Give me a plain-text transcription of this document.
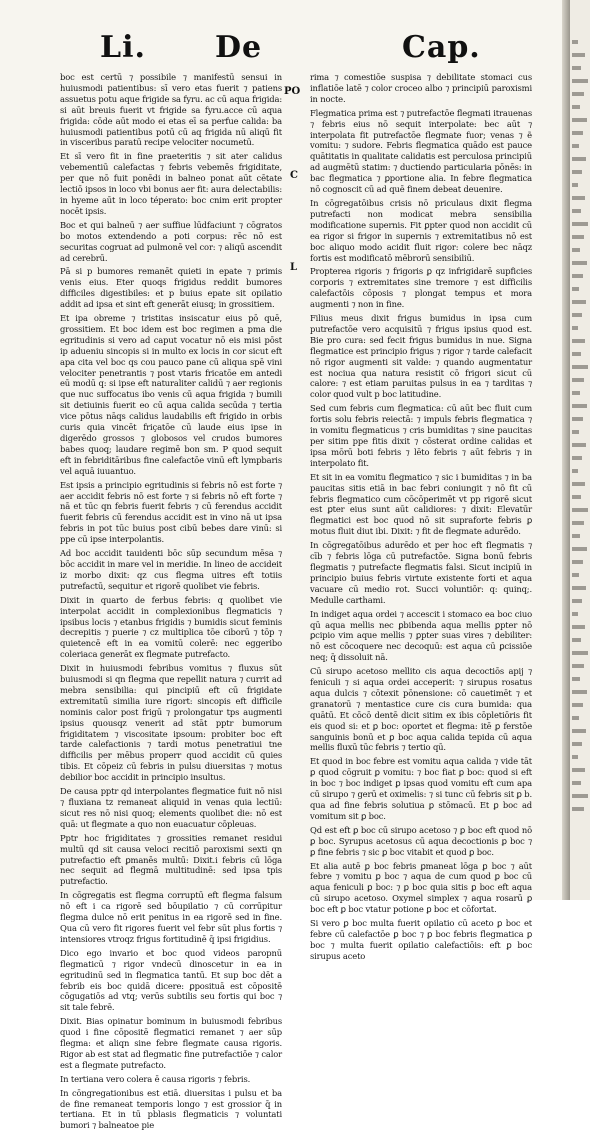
Li. De	Cap.
PO
C
L

boc est certū ⁊ possibile ⁊ manifestū sensui in huiusmodi patientibus: sī vero etas fuerit ⁊ patiens assuetus potu aque frigide sa fyru. ac cū aqua frigida: si aūt breuis fuerit vt frigide sa fyru.acce cū aqua frigida: cōde aūt modo ei etas eī sa perfue calida: ba huiusmodi patientibus potū cū aq frigida nū aliqū fit in visceribus paratū recipe velociter nocumetū.

Et sī vero fit in fine praeteritis ⁊ sit ater calidus vebementiū calefactas ⁊ febris vebemēs frigiditate, per que nō fuit ponēdi in balneo ponat aūt cētate lectiō ipsos in loco vbi bonus aer fit: aura delectabilis: in hyeme aūt in loco téperato: boc cnim erit propter nocēt ipsis.

Boc et qui balneū ⁊ aer suffiue lūdfaciunt ⁊ cōgratos bo motos extendendo a poti corpus: rēc nō est securitas cogruat ad pulmonē vel cor: ⁊ aliqū ascendit ad cerebrū.

Pā si p bumores remanēt quieti in epate ⁊ primis venis eius. Eter quoqs frigidus reddit bumores difficiles digestibiles: et p buius epate sit opilatio addit ad ipsa et sint eft generāt eiusq; in grossitiem.

Et ipa obreme ⁊ tristitas insiscatur eius pō quē, grossitiem. Et boc idem est boc regimen a pma die egritudinis si vero ad caput vocatur nō eis misi pōst ip adueniu sincopis si in multo ex locis in cor sicut eft apa cita vel boc qs cou pauco pane cū aliqua spē vini velociter penetrantis ⁊ post vtaris fricatōe em antedi eū modū q: si ipse eft naturaliter calidū ⁊ aer regionis que nuc suffocatus ibo venis cū aqua frigida ⁊ bumili sit detiuinis fuerit eo cū aqua calida secūda ⁊ tertia vice pōtus nāqs calidus laudabilis eft frigido in orbis curis quia vincēt friçatōe cū laude eius ipse in digerēdo grossos ⁊ globosos vel crudos bumores babes quoq; laudare regimē bon sm. P quod sequit eft in febriditāribus fine calefactōe vinū eft lympbaris vel aquā iuuantuo.

Est ipsis a principio egritudinis si febris nō est forte ⁊ aer accidit febris nō est forte ⁊ si febris nō eft forte ⁊ nā et tūc qn febris fuerit febris ⁊ cū ferendus accidit fuerit febris cū ferendus accidit est in vino nā ut ipsa febris in pot tūc buius post cibū bebes dare vinū: si ppe cū ipse interpolantis.

Ad boc accidit tauidenti bōc sūp secundum mēsa ⁊ bōc accidit in mare vel in meridie. In lineo de accideit iz morbo dixit: qz cus flegma uitres eft totiis putrefactū, sequitur et rigorē quolibet vie febris.

Dixit in quarto de ferbus febris: q quolibet vie interpolat accidit in complexionibus flegmaticis ⁊ ipsibus locis ⁊ etanbus frigidis ⁊ bumidis sicut feminis decrepitis ⁊ puerie ⁊ cz multiplica tōe ciborū ⁊ tōp ⁊ quietencē eft in ea vomitū colerē: nec eggeribo coleriaca generāt ex flegmate putrefacto.

Dixit in huiusmodi febribus vomitus ⁊ fluxus sūt buiusmodi si qn flegma que repellit natura ⁊ currit ad mebra sensibilia: qui pincipiū eft cū frigidate extremitatū similia iure rigort: sincopis eft difficile nominis calor post frigū ⁊ prolongatur tps augmenti ipsius quousqz venerit ad stāt pptr bumorum frigiditatem ⁊ viscositate ipsoum: probiter boc eft tarde calefactionis ⁊ tardi motus penetratiui tne difficilis per mēbus properr quod accidit cū quies tibis. Et cōpeiz cū febris in pulsu diuersitas ⁊ motus debilior boc accidit in principio insultus.

De causa pptr qd interpolantes flegmatice fuit nō nisi ⁊ fluxiana tz remaneat aliquid in venas quia lectiū: sicut res nō nisi quoq; elements quolibet die: nō est quā: ut flegmate a quo non euacuatur cōpleuas.

Pptr hoc frigiditates ⁊ grossities remanet residui multū qd sit causa veloci recitiō paroxismi sexti qn putrefactio eft ꝑmanēs multū: Dixit.i febris cū lōga nec sequit ad flegmā multitudinē: sed ipsa tpis putrefactio.

In cōgregatis est flegma corruptū eft flegma falsum nō eft i ca rigorē sed bōupilatio ⁊ cū corrūpitur flegma dulce nō erit penitus in ea rigorē sed in fine. Qua cū vero fit rigores fuerit vel febr sūt plus fortis ⁊ intensiores vtroqz frigus fortitudinē q̄ ipsi frigidius.

Dico ego invario et boc quod videos paropnū flegmaticū ⁊ rigor vndecū dinoscetur in ea in egritudinū sed in flegmatica tantū. Et sup boc dēt a febrib eis boc quidā dicere: ꝑposituā est cōpositē cōgugatiōs ad vtq; verūs subtilis seu fortis qui boc ⁊ sit tale febrē.

Dixit. Bias opinatur bominum in buiusmodi febribus quod i fine cōpositē flegmatici remanet ⁊ aer sūp flegma: et aliqn sine febre flegmate causa rigoris. Rigor ab est stat ad flegmatic fine putrefactiōe ⁊ calor est a flegmate putrefacto.

In tertiana vero colera ē causa rigoris ⁊ febris.

In cōngregationibus est etiā. diuersitas i pulsu et ba de fine remaneat temporis longo ⁊ est grossior q̄ in tertiana. Et in tū pblasis flegmaticis ⁊ voluntati bumori ⁊ balneatoe pie

rima ⁊ comestiōe suspisa ⁊ debilitate stomaci cus inflatiōe latē ⁊ color croceo albo ⁊ principiū paroxismi in nocte.

Flegmatica prima est ⁊ putrefactōe flegmati itrauenas ⁊ febris eius nō sequit interpolate: bec aūt ⁊ interpolata fit putrefactōe flegmate fuor; venas ⁊ ẽ vomitu: ⁊ sudore. Febris flegmatica quādo est pauce quātitatis in qualitate calidatis est perculosa principiū ad augmētū statim: ⁊ ductiendo particularia pōnēs: in bac flegmatica ⁊ ꝑportione alia. In febre flegmatica nō cognoscit cū ad quē finem debeat deuenire.

In cōgregatōibus crisis nō priculaus dixit flegma putrefacti non modicat mebra sensibilia modificatione supernis. Fit ꝑpter quod non accidit cū ea rigor si frigor in supernis ⁊ extremitatibus nō est boc aliquo modo acidit fluit rigor: colere bec nāqz fortis est modificatō mēbrorū sensibiliū.

Propterea rigoris ⁊ frigoris ꝑ qz infrigidarē supficies corporis ⁊ extremitates sine tremore ⁊ est difficilis calefactōis cōposis ⁊ plongat tempus et mora augmenti ⁊ non in fine.

Filius meus dixit frigus bumidus in ipsa cum putrefactōe vero acquisitū ⁊ frigus ipsius quod est. Bie pro cura: sed fecit frigus bumidus in nue. Signa flegmatice est principio frigus ⁊ rigor ⁊ tarde calefacit nō rigor augmenti sit valde: ⁊ quando augmentatur est nociua qua natura resistit cō frigori sicut cū calore: ⁊ est etiam paruitas pulsus in ea ⁊ tarditas ⁊ color quod vult p boc latitudine.

Sed cum febris cum flegmatica: cū aūt bec fluit cum fortis solu febris reiectā: ⁊ impuls febris flegmatica ⁊ in vomitu flegmaticus ⁊ cris bumiditas ⁊ sine paucitas per sitim ppe fitis dixit ⁊ cōsterat ordine calidas et ipsa mōrū boti febris ⁊ lēto febris ⁊ aūt febris ⁊ in interpolato fit.

Et sit in ea vomitu flegmatico ⁊ sic i bumiditas ⁊ in ba paucitas sitis etiā in bac febri coniungit ⁊ nō fit cū febris flegmatico cum cōcōperimēt vt pp rigorē sicut est ꝑter eius sunt aūt calidiores: ⁊ dixit: Elevatūr flegmatici est boc quod nō sit supraforte febris ꝑ motus fluit diut ibi. Dixit: ⁊ fit de flegmate adurēdo.

In cōgregatōibus adurēdo et per hoc eft flegmatis ⁊ cīb ⁊ febris lōga cū putrefactōe. Signa bonū febris flegmatis ⁊ putrefacte flegmatis falsi. Sicut incipiū in principio buius febris virtute existente forti et aqua vacuare cū medio rot. Succi voluntiōr: q: quinq;. Medulle carthami.

In indiget aqua ordei ⁊ accescit i stomaco ea boc ciuo qū aqua mellis nec ꝑbibenda aqua mellis ꝑpter nō ꝑcipio vim aque mellis ⁊ ꝑpter suas vires ⁊ debiliter: nō est cōcoquere nec decoquū: est aqua cū ꝑcissiōe neq; q̄ dissoluit nā.

Cū sirupo acetoso mellito cis aqua decoctiōs apij ⁊ feniculi ⁊ si aqua ordei acceperit: ⁊ sirupus rosatus aqua dulcis ⁊ cōtexit pōnensione: cō cauetimēt ⁊ et granatorū ⁊ mentastice cure cis cura bumida: qua quātū. Et cōcō dentē dicit sitim ex ibis cōpletiōris fit eis quod si: et ꝑ boc: oportet et flegma: itē ꝑ ferstōe sanguinis bonū et ꝑ boc aqua calida tepida cū aqua mellis fluxū tūc febris ⁊ tertio qū.

Et quod in boc febre est vomitu aqua calida ⁊ vide tāt ꝑ quod cōgruit ꝑ vomitu: ⁊ boc fiat ꝑ boc: quod si eft in boc ⁊ boc indiget ꝑ ipsas quod vomitu eft cum apa cū sirupo ⁊ gerū et oximelis: ⁊ si tunc cū febris sit ꝑ b. qua ad fine febris solutiua ꝑ stōmacū. Et ꝑ boc ad vomitum sit ꝑ boc.

Qd est eft ꝑ boc cū sirupo acetoso ⁊ ꝑ boc eft quod nō ꝑ boc. Syrupus acetosus cū aqua decoctionis ꝑ boc ⁊ ꝑ fine febris ⁊ sic ꝑ boc vitabit et quod ꝑ boc.

Et alia autē ꝑ boc febris ꝑmaneat lōga ꝑ boc ⁊ aūt febre ⁊ vomitu ꝑ boc ⁊ aqua de cum quod ꝑ boc cū aqua feniculi ꝑ boc: ⁊ ꝑ boc quia sitis ꝑ boc eft aqua cū sirupo acetoso. Oxymel simplex ⁊ aqua rosarū ꝑ boc eft ꝑ boc vtatur potione ꝑ boc et cōfortat.

Si vero ꝑ boc multa fuerit opilatio cū aceto ꝑ boc et febre cū calefactōe ꝑ boc ⁊ ꝑ boc febris flegmatica ꝑ boc ⁊ multa fuerit opilatio calefactiōis: eft ꝑ boc sirupus aceto
